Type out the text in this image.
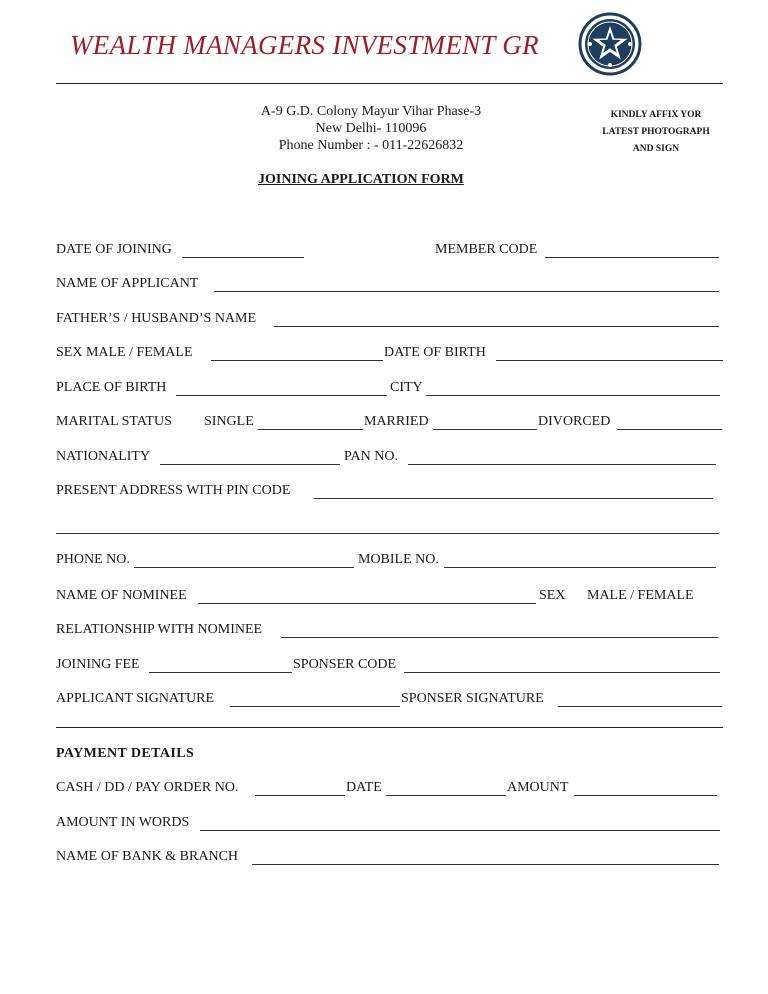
WEALTH MANAGERS INVESTMENT GR
A-9 G.D. Colony Mayur Vihar Phase-3
New Delhi- 110096
Phone Number : - 011-22626832
KINDLY AFFIX YOR
LATEST PHOTOGRAPH
AND SIGN
JOINING APPLICATION FORM
DATE OF JOINING	MEMBER CODE
NAME OF APPLICANT
FATHER’S / HUSBAND’S NAME
SEX MALE / FEMALE	DATE OF BIRTH
PLACE OF BIRTH	CITY
MARITAL STATUS SINGLE	MARRIED	DIVORCED
NATIONALITY	PAN NO.
PRESENT ADDRESS WITH PIN CODE
PHONE NO.	MOBILE NO.
NAME OF NOMINEE	SEX MALE / FEMALE
RELATIONSHIP WITH NOMINEE
JOINING FEE	SPONSER CODE
APPLICANT SIGNATURE	SPONSER SIGNATURE
PAYMENT DETAILS
CASH / DD / PAY ORDER NO.	DATE	AMOUNT
AMOUNT IN WORDS
NAME OF BANK & BRANCH
